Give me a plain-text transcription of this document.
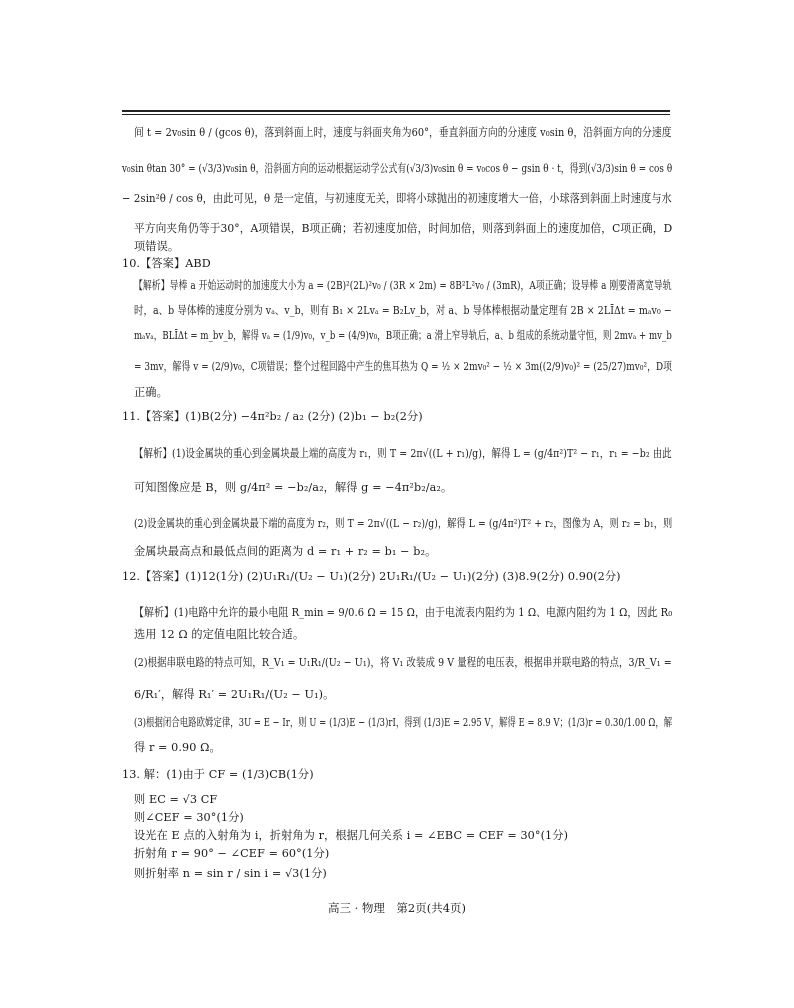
间 t = 2v₀sin θ / (gcos θ)，落到斜面上时，速度与斜面夹角为60°，垂直斜面方向的分速度 v₀sin θ，沿斜面方向的分速度
v₀sin θtan 30° = (√3/3)v₀sin θ，沿斜面方向的运动根据运动学公式有(√3/3)v₀sin θ = v₀cos θ − gsin θ · t，得到(√3/3)sin θ = cos θ
− 2sin²θ / cos θ，由此可见，θ 是一定值，与初速度无关，即将小球抛出的初速度增大一倍，小球落到斜面上时速度与水
平方向夹角仍等于30°，A项错误，B项正确；若初速度加倍，时间加倍，则落到斜面上的速度加倍，C项正确，D
项错误。
10.【答案】ABD
【解析】导棒 a 开始运动时的加速度大小为 a = (2B)²(2L)²v₀ / (3R × 2m) = 8B²L²v₀ / (3mR)，A项正确；设导棒 a 刚要滑离宽导轨
时，a、b 导体棒的速度分别为 vₐ、v_b，则有 B₁ × 2Lvₐ = B₂Lv_b，对 a、b 导体棒根据动量定理有 2B × 2LĪΔt = mₐv₀ −
mₐvₐ，BLĪΔt = m_bv_b，解得 vₐ = (1/9)v₀，v_b = (4/9)v₀，B项正确；a 滑上窄导轨后，a、b 组成的系统动量守恒，则 2mvₐ + mv_b
= 3mv，解得 v = (2/9)v₀，C项错误；整个过程回路中产生的焦耳热为 Q = ½ × 2mv₀² − ½ × 3m((2/9)v₀)² = (25/27)mv₀²，D项
正确。
11.【答案】(1)B(2分) −4π²b₂ / a₂ (2分) (2)b₁ − b₂(2分)
【解析】(1)设金属块的重心到金属块最上端的高度为 r₁，则 T = 2π√((L + r₁)/g)，解得 L = (g/4π²)T² − r₁，r₁ = −b₂ 由此
可知图像应是 B，则 g/4π² = −b₂/a₂，解得 g = −4π²b₂/a₂。
(2)设金属块的重心到金属块最下端的高度为 r₂，则 T = 2π√((L − r₂)/g)，解得 L = (g/4π²)T² + r₂，图像为 A，则 r₂ = b₁，则
金属块最高点和最低点间的距离为 d = r₁ + r₂ = b₁ − b₂。
12.【答案】(1)12(1分) (2)U₁R₁/(U₂ − U₁)(2分) 2U₁R₁/(U₂ − U₁)(2分) (3)8.9(2分) 0.90(2分)
【解析】(1)电路中允许的最小电阻 R_min = 9/0.6 Ω = 15 Ω，由于电流表内阻约为 1 Ω、电源内阻约为 1 Ω，因此 R₀
选用 12 Ω 的定值电阻比较合适。
(2)根据串联电路的特点可知，R_V₁ = U₁R₁/(U₂ − U₁)，将 V₁ 改装成 9 V 量程的电压表，根据串并联电路的特点，3/R_V₁ =
6/R₁′，解得 R₁′ = 2U₁R₁/(U₂ − U₁)。
(3)根据闭合电路欧姆定律，3U = E − Ir，则 U = (1/3)E − (1/3)rI，得到 (1/3)E = 2.95 V，解得 E = 8.9 V；(1/3)r = 0.30/1.00 Ω，解
得 r = 0.90 Ω。
13. 解：(1)由于 CF = (1/3)CB(1分)
则 EC = √3 CF
则∠CEF = 30°(1分)
设光在 E 点的入射角为 i，折射角为 r，根据几何关系 i = ∠EBC = CEF = 30°(1分)
折射角 r = 90° − ∠CEF = 60°(1分)
则折射率 n = sin r / sin i = √3(1分)
高三 · 物理　第2页(共4页)
